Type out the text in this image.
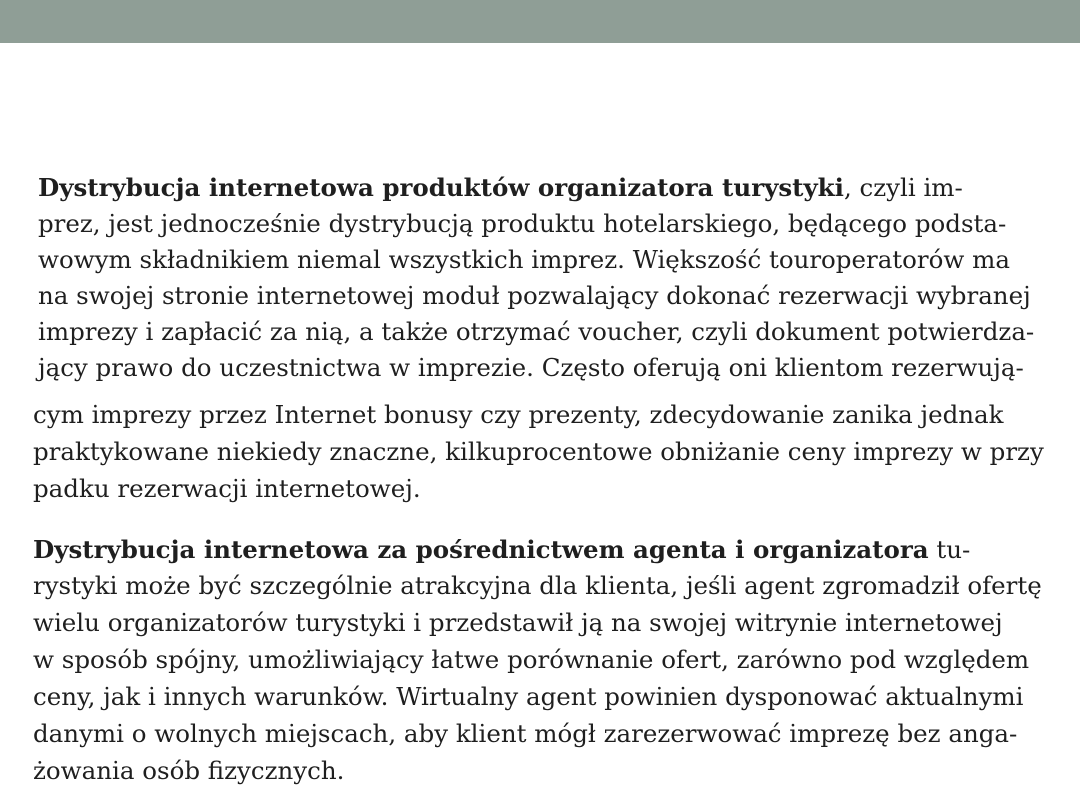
Dystrybucja internetowa produktów organizatora turystyki, czyli im-
prez, jest jednocześnie dystrybucją produktu hotelarskiego, będącego podsta-
wowym składnikiem niemal wszystkich imprez. Większość touroperatorów ma
na swojej stronie internetowej moduł pozwalający dokonać rezerwacji wybranej
imprezy i zapłacić za nią, a także otrzymać voucher, czyli dokument potwierdza-
jący prawo do uczestnictwa w imprezie. Często oferują oni klientom rezerwują-
cym imprezy przez Internet bonusy czy prezenty, zdecydowanie zanika jednak
praktykowane niekiedy znaczne, kilkuprocentowe obniżanie ceny imprezy w przy
padku rezerwacji internetowej.
Dystrybucja internetowa za pośrednictwem agenta i organizatora tu-
rystyki może być szczególnie atrakcyjna dla klienta, jeśli agent zgromadził ofertę
wielu organizatorów turystyki i przedstawił ją na swojej witrynie internetowej
w sposób spójny, umożliwiający łatwe porównanie ofert, zarówno pod względem
ceny, jak i innych warunków. Wirtualny agent powinien dysponować aktualnymi
danymi o wolnych miejscach, aby klient mógł zarezerwować imprezę bez anga-
żowania osób fizycznych.
